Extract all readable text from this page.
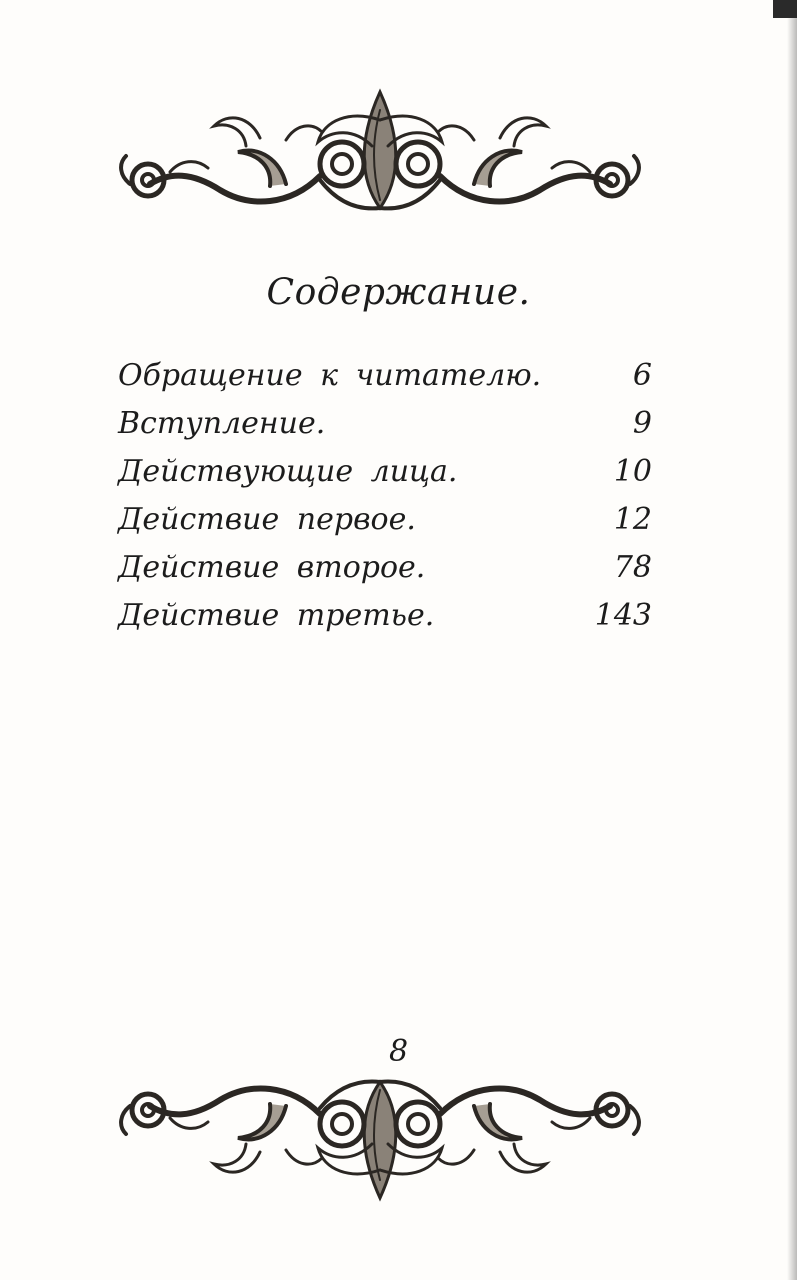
Содержание.
Обращение к читателю.	6
Вступление.	9
Действующие лица.	10
Действие первое.	12
Действие второе.	78
Действие третье.	143
8
